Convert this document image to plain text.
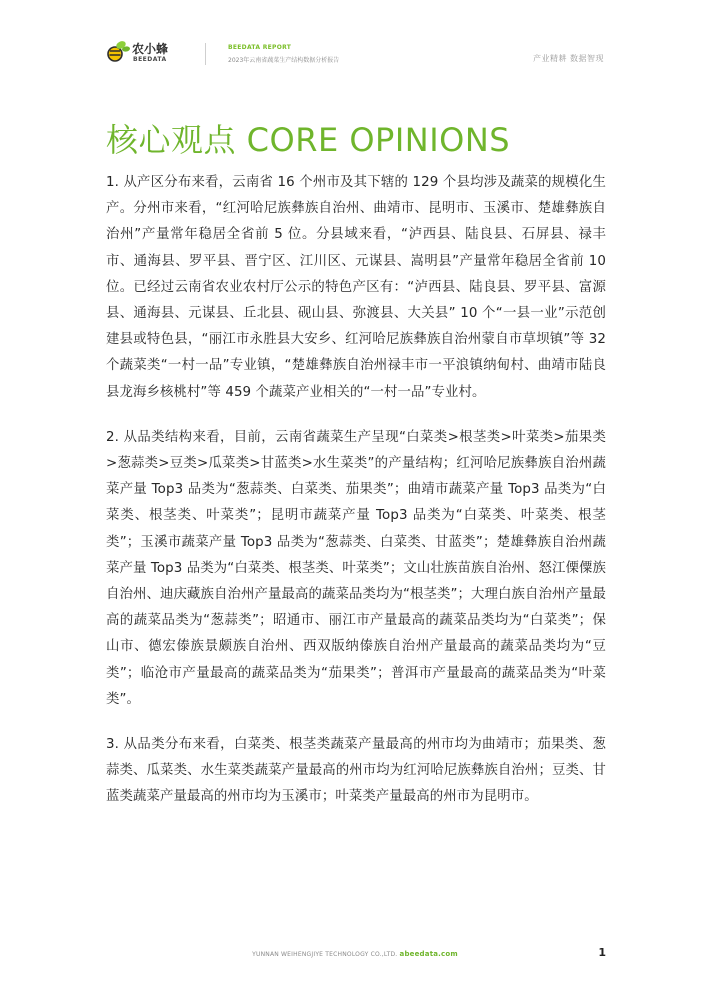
农小蜂
BEEDATA
BEEDATA REPORT
2023年云南省蔬菜生产结构数据分析报告	产业精耕 数据智现
核心观点 CORE OPINIONS

1. 从产区分布来看，云南省 16 个州市及其下辖的 129 个县均涉及蔬菜的规模化生产。分州市来看，“红河哈尼族彝族自治州、曲靖市、昆明市、玉溪市、楚雄彝族自治州”产量常年稳居全省前 5 位。分县域来看，“泸西县、陆良县、石屏县、禄丰市、通海县、罗平县、晋宁区、江川区、元谋县、嵩明县”产量常年稳居全省前 10 位。已经过云南省农业农村厅公示的特色产区有：“泸西县、陆良县、罗平县、富源县、通海县、元谋县、丘北县、砚山县、弥渡县、大关县” 10 个“一县一业”示范创建县或特色县，“丽江市永胜县大安乡、红河哈尼族彝族自治州蒙自市草坝镇”等 32 个蔬菜类“一村一品”专业镇，“楚雄彝族自治州禄丰市一平浪镇纳甸村、曲靖市陆良县龙海乡核桃村”等 459 个蔬菜产业相关的“一村一品”专业村。

2. 从品类结构来看，目前，云南省蔬菜生产呈现“白菜类>根茎类>叶菜类>茄果类>葱蒜类>豆类>瓜菜类>甘蓝类>水生菜类”的产量结构；红河哈尼族彝族自治州蔬菜产量 Top3 品类为“葱蒜类、白菜类、茄果类”；曲靖市蔬菜产量 Top3 品类为“白菜类、根茎类、叶菜类”；昆明市蔬菜产量 Top3 品类为“白菜类、叶菜类、根茎类”；玉溪市蔬菜产量 Top3 品类为“葱蒜类、白菜类、甘蓝类”；楚雄彝族自治州蔬菜产量 Top3 品类为“白菜类、根茎类、叶菜类”；文山壮族苗族自治州、怒江傈僳族自治州、迪庆藏族自治州产量最高的蔬菜品类均为“根茎类”；大理白族自治州产量最高的蔬菜品类为“葱蒜类”；昭通市、丽江市产量最高的蔬菜品类均为“白菜类”；保山市、德宏傣族景颇族自治州、西双版纳傣族自治州产量最高的蔬菜品类均为“豆类”；临沧市产量最高的蔬菜品类为“茄果类”；普洱市产量最高的蔬菜品类为“叶菜类”。

3. 从品类分布来看，白菜类、根茎类蔬菜产量最高的州市均为曲靖市；茄果类、葱蒜类、瓜菜类、水生菜类蔬菜产量最高的州市均为红河哈尼族彝族自治州；豆类、甘蓝类蔬菜产量最高的州市均为玉溪市；叶菜类产量最高的州市为昆明市。

YUNNAN WEIHENGJIYE TECHNOLOGY CO.,LTD. abeedata.com	1
